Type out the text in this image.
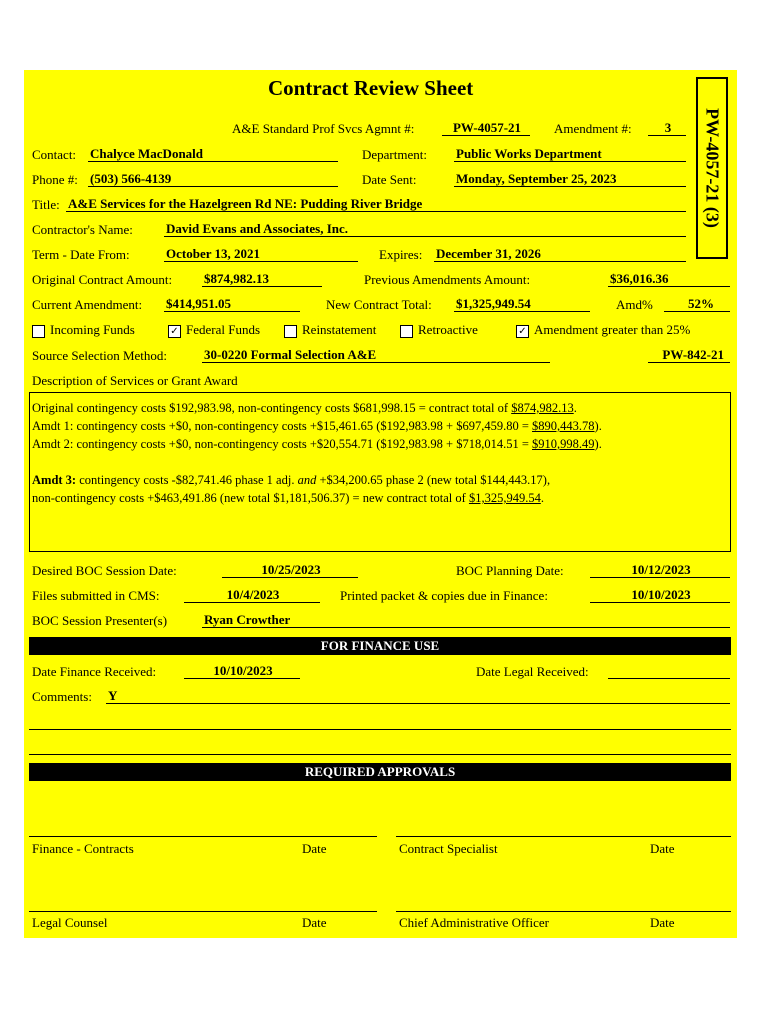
Contract Review Sheet
PW-4057-21 (3)
A&E Standard Prof Svcs Agmnt #:	PW-4057-21	Amendment #:	3
Contact: Chalyce MacDonald	Department: Public Works Department
Phone #: (503) 566-4139	Date Sent:	Monday, September 25, 2023
Title: A&E Services for the Hazelgreen Rd NE: Pudding River Bridge
Contractor's Name:	David Evans and Associates, Inc.
Term - Date From:	October 13, 2021	Expires: December 31, 2026
Original Contract Amount: $874,982.13	Previous Amendments Amount:	$36,016.36
Current Amendment: $414,951.05	New Contract Total: $1,325,949.54	Amd%	52%
Incoming Funds	✓ Federal Funds	Reinstatement	Retroactive	✓ Amendment greater than 25%
Source Selection Method:	30-0220 Formal Selection A&E	PW-842-21
Description of Services or Grant Award

Original contingency costs $192,983.98, non-contingency costs $681,998.15 = contract total of $874,982.13.

Amdt 1: contingency costs +$0, non-contingency costs +$15,461.65 ($192,983.98 + $697,459.80 = $890,443.78).

Amdt 2: contingency costs +$0, non-contingency costs +$20,554.71 ($192,983.98 + $718,014.51 = $910,998.49).

Amdt 3: contingency costs -$82,741.46 phase 1 adj. and +$34,200.65 phase 2 (new total $144,443.17),

non-contingency costs +$463,491.86 (new total $1,181,506.37) = new contract total of $1,325,949.54.

Desired BOC Session Date:	10/25/2023	BOC Planning Date:	10/12/2023
Files submitted in CMS:	10/4/2023	Printed packet & copies due in Finance:	10/10/2023
BOC Session Presenter(s)	Ryan Crowther
FOR FINANCE USE
Date Finance Received:	10/10/2023	Date Legal Received:
Comments: Y
REQUIRED APPROVALS
Finance - Contracts	Date	Contract Specialist	Date
Legal Counsel	Date	Chief Administrative Officer	Date
